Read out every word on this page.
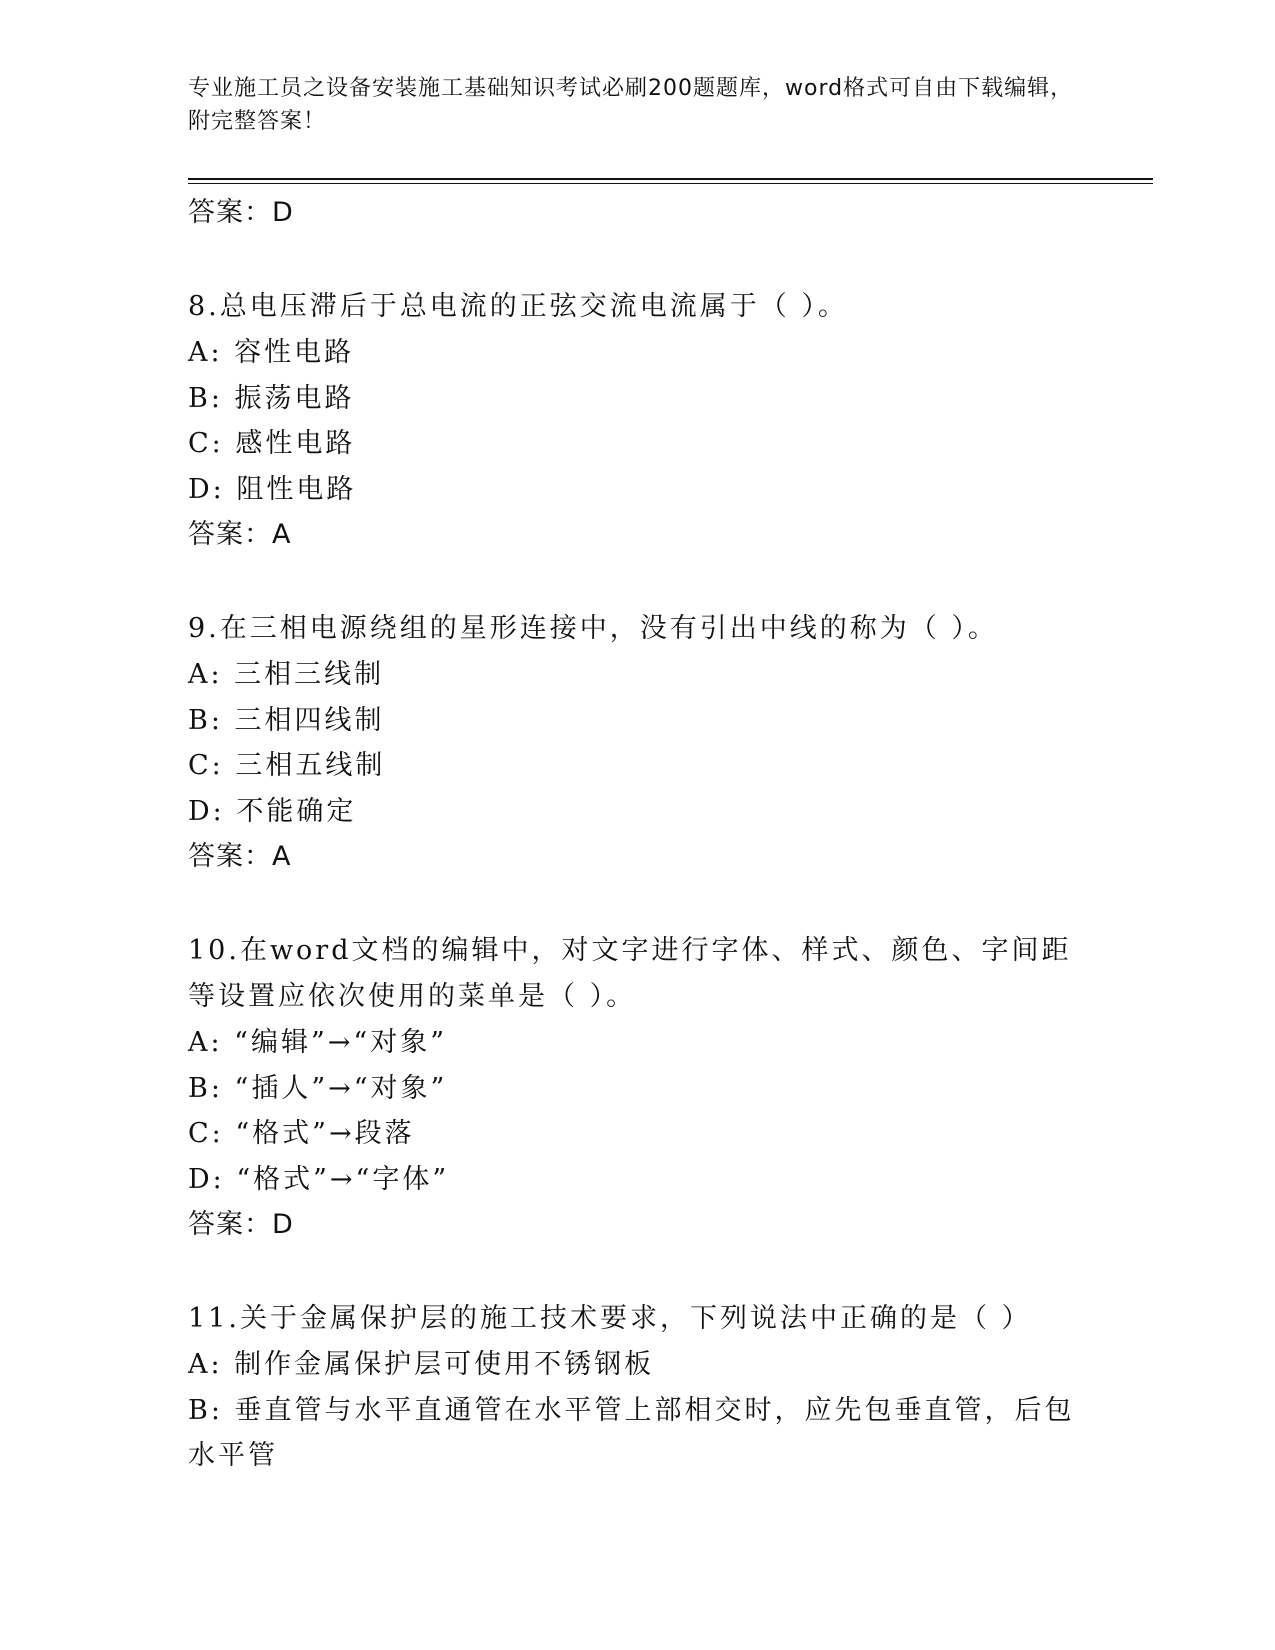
专业施工员之设备安装施工基础知识考试必刷200题题库，word格式可自由下载编辑，附完整答案！
答案：D
8.总电压滞后于总电流的正弦交流电流属于（ ）。
A: 容性电路
B: 振荡电路
C: 感性电路
D: 阻性电路
答案：A
9.在三相电源绕组的星形连接中，没有引出中线的称为（ ）。
A: 三相三线制
B: 三相四线制
C: 三相五线制
D: 不能确定
答案：A
10.在word文档的编辑中，对文字进行字体、样式、颜色、字间距等设置应依次使用的菜单是（ ）。
A: “编辑”→“对象”
B: “插人”→“对象”
C: “格式”→段落
D: “格式”→“字体”
答案：D
11.关于金属保护层的施工技术要求，下列说法中正确的是（ ）
A: 制作金属保护层可使用不锈钢板
B: 垂直管与水平直通管在水平管上部相交时，应先包垂直管，后包水平管
